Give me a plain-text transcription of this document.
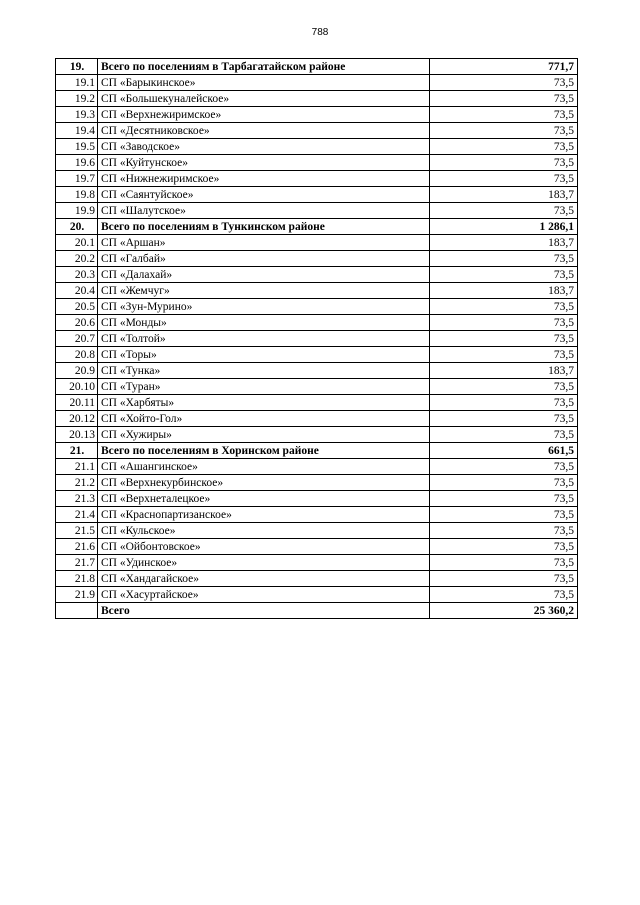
788
19.	Всего по поселениям в Тарбагатайском районе	771,7
19.1	СП «Барыкинское»	73,5
19.2	СП «Большекуналейское»	73,5
19.3	СП «Верхнежиримское»	73,5
19.4	СП «Десятниковское»	73,5
19.5	СП «Заводское»	73,5
19.6	СП «Куйтунское»	73,5
19.7	СП «Нижнежиримское»	73,5
19.8	СП «Саянтуйское»	183,7
19.9	СП «Шалутское»	73,5
20.	Всего по поселениям в Тункинском районе	1 286,1
20.1	СП «Аршан»	183,7
20.2	СП «Галбай»	73,5
20.3	СП «Далахай»	73,5
20.4	СП «Жемчуг»	183,7
20.5	СП «Зун-Мурино»	73,5
20.6	СП «Монды»	73,5
20.7	СП «Толтой»	73,5
20.8	СП «Торы»	73,5
20.9	СП «Тунка»	183,7
20.10	СП «Туран»	73,5
20.11	СП «Харбяты»	73,5
20.12	СП «Хойто-Гол»	73,5
20.13	СП «Хужиры»	73,5
21.	Всего по поселениям в Хоринском районе	661,5
21.1	СП «Ашангинское»	73,5
21.2	СП «Верхнекурбинское»	73,5
21.3	СП «Верхнеталецкое»	73,5
21.4	СП «Краснопартизанское»	73,5
21.5	СП «Кульское»	73,5
21.6	СП «Ойбонтовское»	73,5
21.7	СП «Удинское»	73,5
21.8	СП «Хандагайское»	73,5
21.9	СП «Хасуртайское»	73,5
	Всего	25 360,2
